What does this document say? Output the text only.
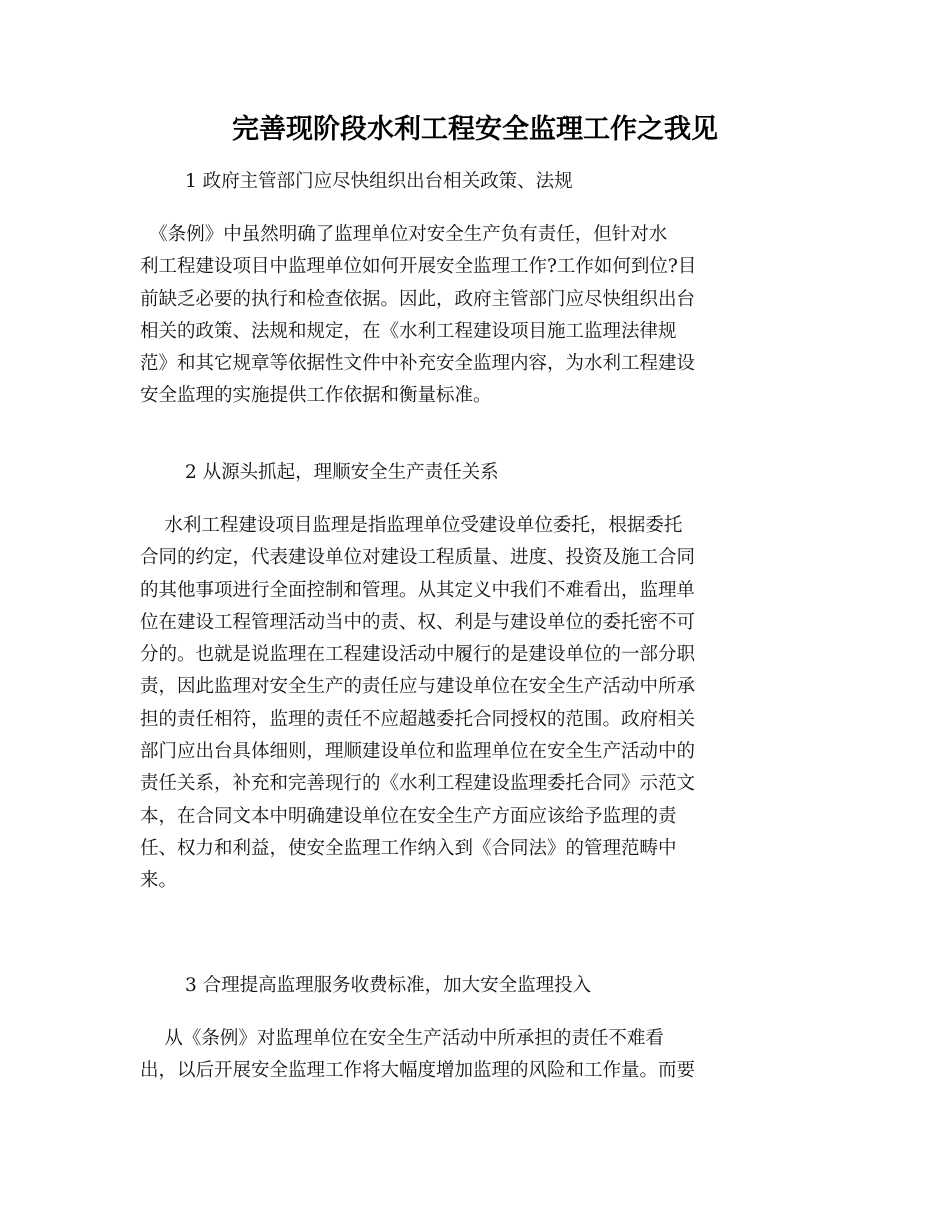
完善现阶段水利工程安全监理工作之我见
1 政府主管部门应尽快组织出台相关政策、法规

　《条例》中虽然明确了监理单位对安全生产负有责任，但针对水

利工程建设项目中监理单位如何开展安全监理工作?工作如何到位?目

前缺乏必要的执行和检查依据。因此，政府主管部门应尽快组织出台

相关的政策、法规和规定，在《水利工程建设项目施工监理法律规

范》和其它规章等依据性文件中补充安全监理内容，为水利工程建设

安全监理的实施提供工作依据和衡量标准。

2 从源头抓起，理顺安全生产责任关系

　 水利工程建设项目监理是指监理单位受建设单位委托，根据委托

合同的约定，代表建设单位对建设工程质量、进度、投资及施工合同

的其他事项进行全面控制和管理。从其定义中我们不难看出，监理单

位在建设工程管理活动当中的责、权、利是与建设单位的委托密不可

分的。也就是说监理在工程建设活动中履行的是建设单位的一部分职

责，因此监理对安全生产的责任应与建设单位在安全生产活动中所承

担的责任相符，监理的责任不应超越委托合同授权的范围。政府相关

部门应出台具体细则，理顺建设单位和监理单位在安全生产活动中的

责任关系，补充和完善现行的《水利工程建设监理委托合同》示范文

本，在合同文本中明确建设单位在安全生产方面应该给予监理的责

任、权力和利益，使安全监理工作纳入到《合同法》的管理范畴中

来。

3 合理提高监理服务收费标准，加大安全监理投入

　 从《条例》对监理单位在安全生产活动中所承担的责任不难看

出，以后开展安全监理工作将大幅度增加监理的风险和工作量。而要
